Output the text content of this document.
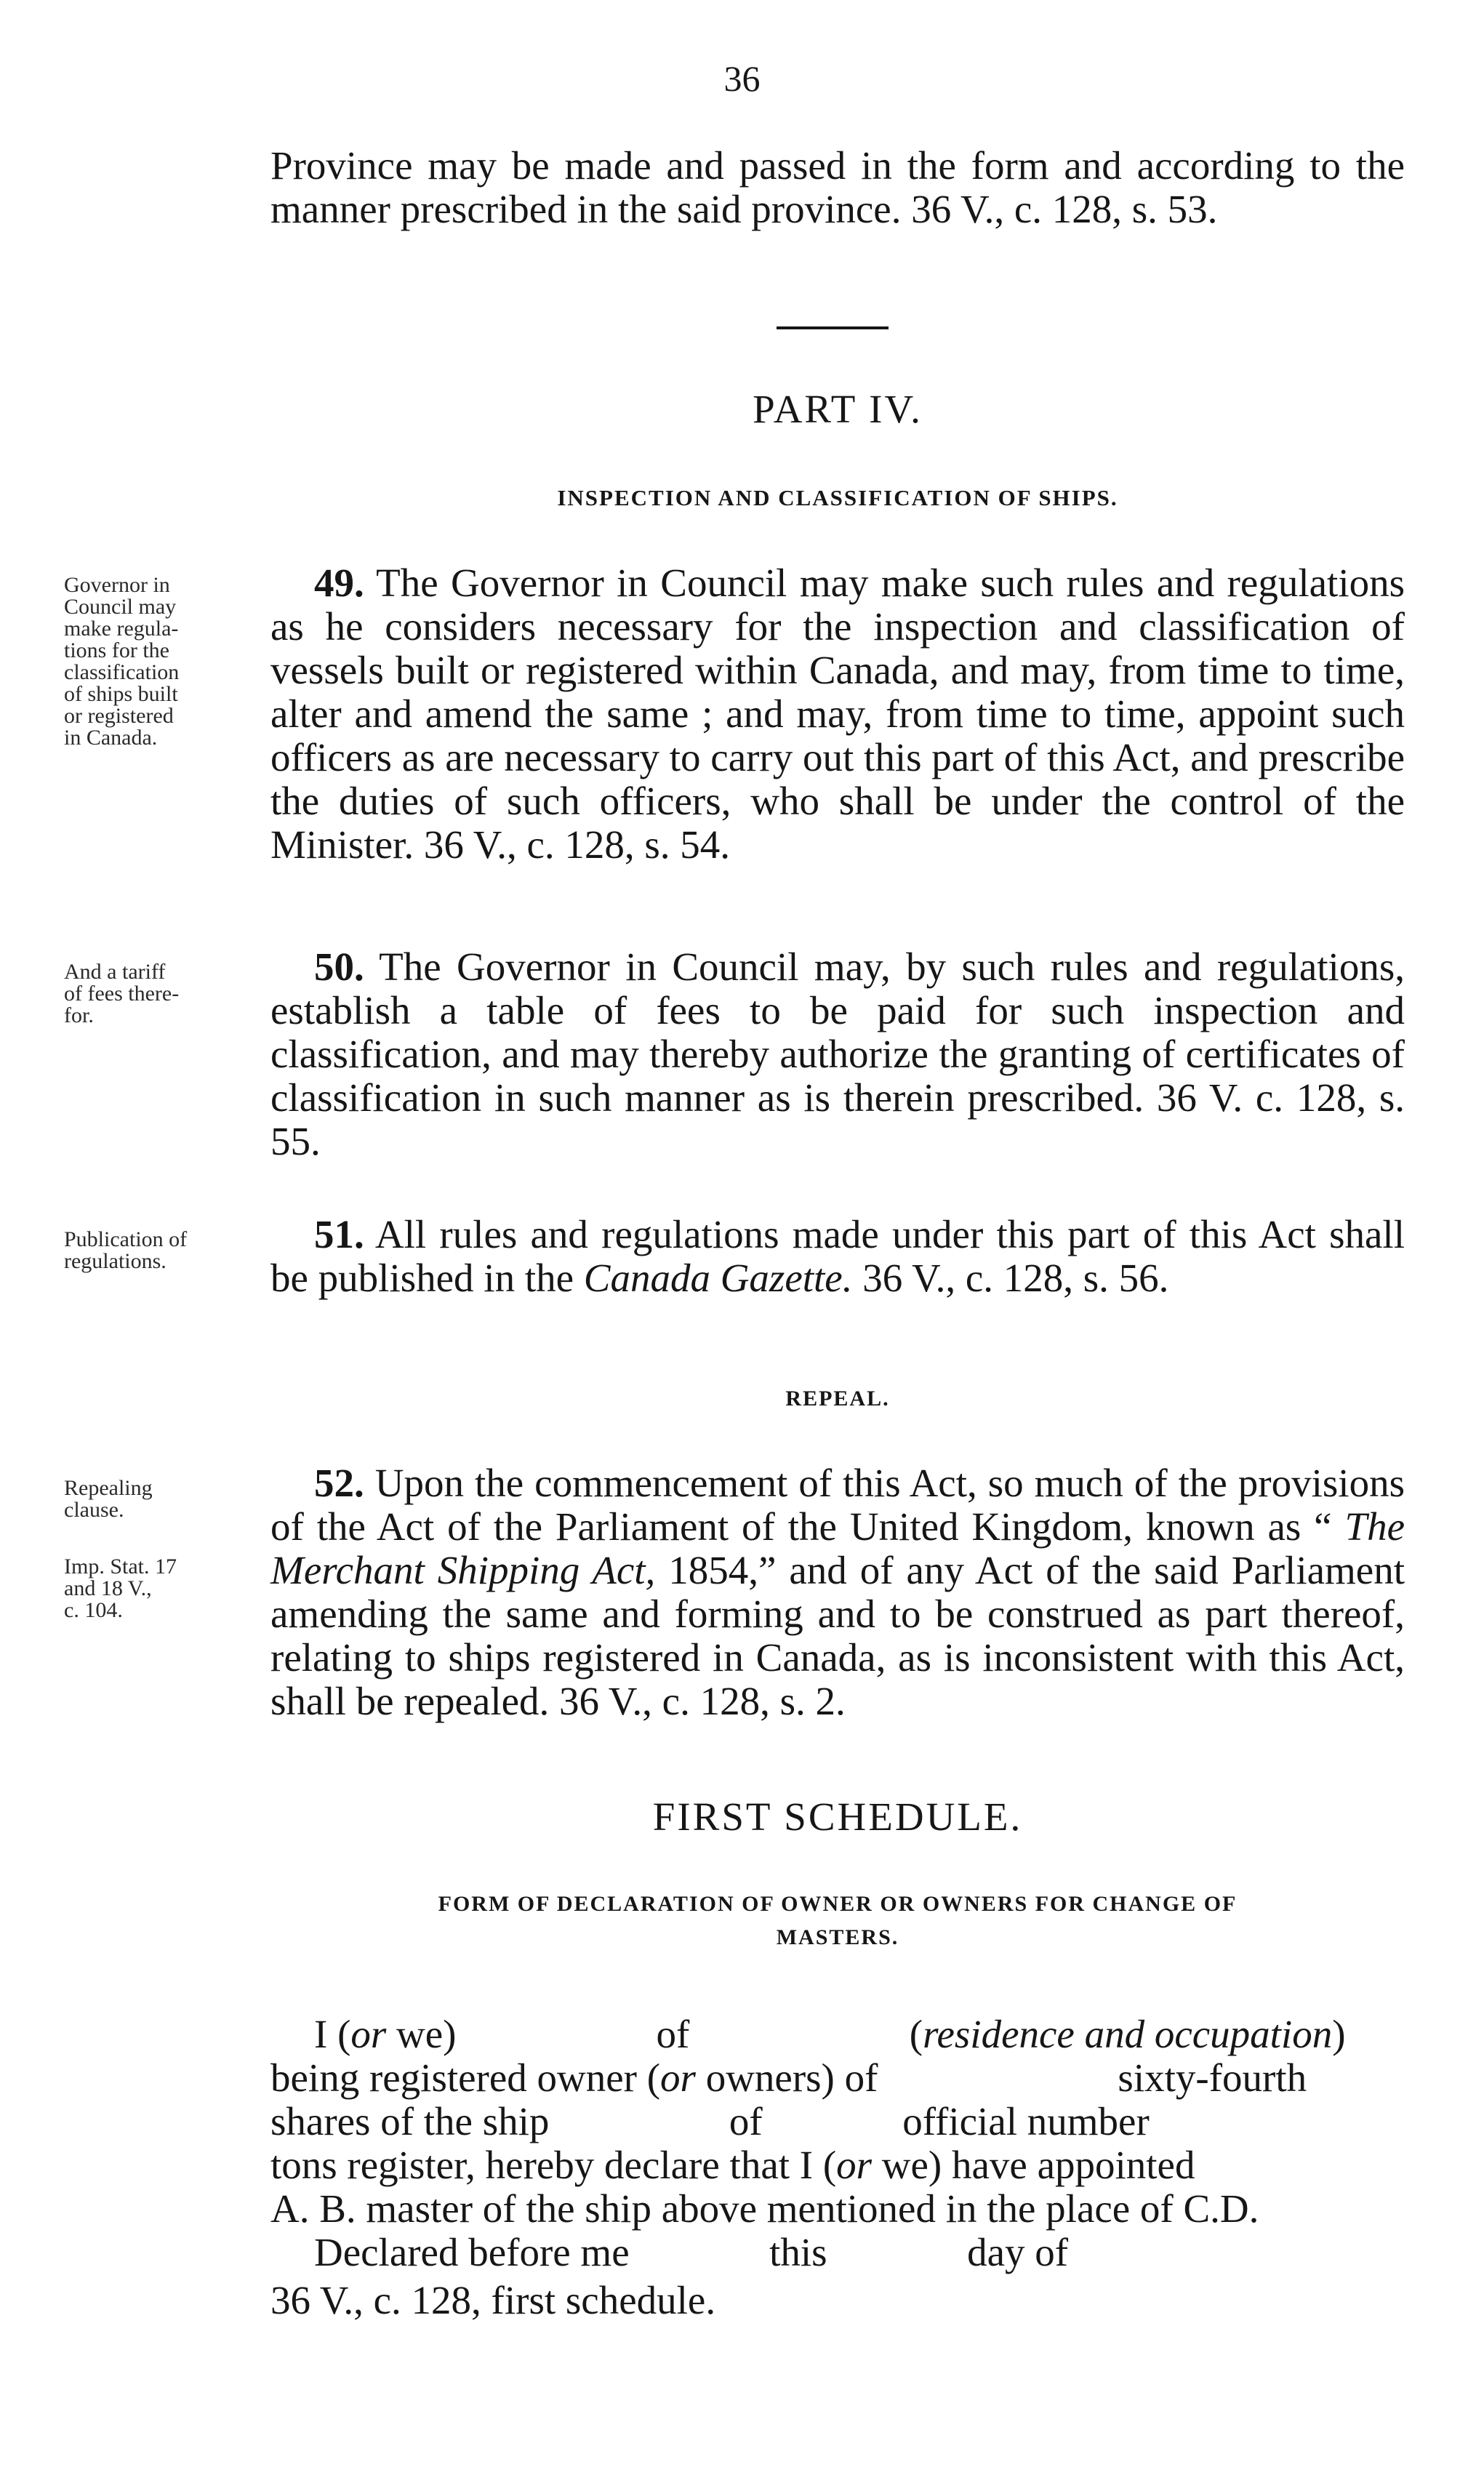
36

Province may be made and passed in the form and according to the manner prescribed in the said province. 36 V., c. 128, s. 53.

PART IV.
INSPECTION AND CLASSIFICATION OF SHIPS.
Governor in
Council may
make regula-
tions for the
classification
of ships built
or registered
in Canada.

49. The Governor in Council may make such rules and regulations as he considers necessary for the inspection and classification of vessels built or registered within Canada, and may, from time to time, alter and amend the same ; and may, from time to time, appoint such officers as are necessary to carry out this part of this Act, and prescribe the duties of such officers, who shall be under the control of the Minister. 36 V., c. 128, s. 54.

And a tariff
of fees there-
for.

50. The Governor in Council may, by such rules and regulations, establish a table of fees to be paid for such inspection and classification, and may thereby authorize the granting of certificates of classification in such manner as is therein prescribed. 36 V. c. 128, s. 55.

Publication of
regulations.

51. All rules and regulations made under this part of this Act shall be published in the Canada Gazette. 36 V., c. 128, s. 56.

REPEAL.
Repealing
clause.
Imp. Stat. 17
and 18 V.,
c. 104.

52. Upon the commencement of this Act, so much of the provisions of the Act of the Parliament of the United Kingdom, known as “ The Merchant Shipping Act, 1854,” and of any Act of the said Parliament amending the same and forming and to be construed as part thereof, relating to ships registered in Canada, as is inconsistent with this Act, shall be repealed. 36 V., c. 128, s. 2.

FIRST SCHEDULE.
FORM OF DECLARATION OF OWNER OR OWNERS FOR CHANGE OF
MASTERS.
I (or we)                    of                      (residence and occupation)
being registered owner (or owners) of                        sixty-fourth
shares of the ship                  of              official number
tons register, hereby declare that I (or we) have appointed
A. B. master of the ship above mentioned in the place of C.D.
Declared before me              this              day of
36 V., c. 128, first schedule.
